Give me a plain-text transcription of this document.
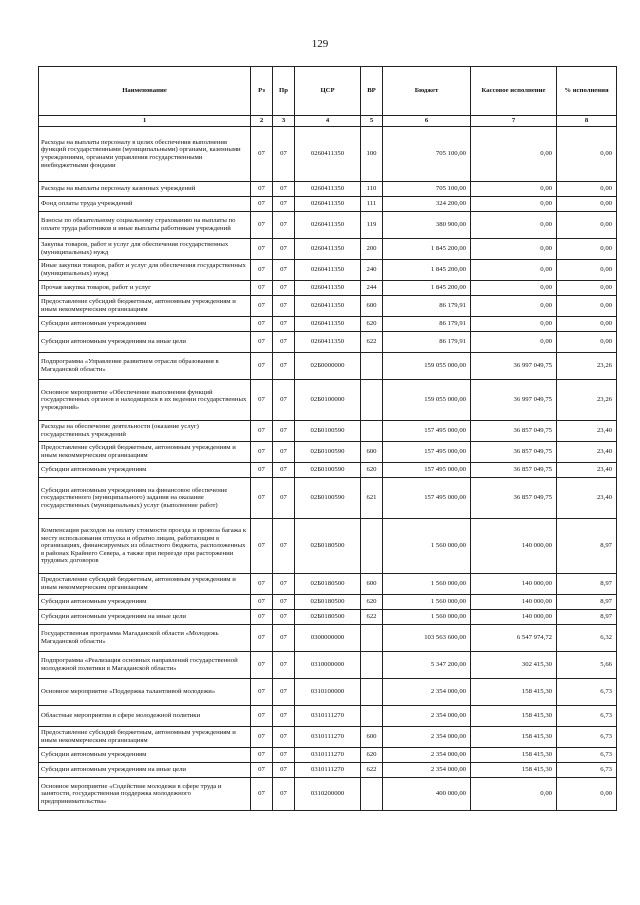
129
Наименование	Рз	Пр	ЦСР	ВР	Бюджет	Кассовое исполнение	% исполнения
1	2	3	4	5	6	7	8
Расходы на выплаты персоналу в целях обеспечения выполнения функций государственными (муниципальными) органами, казенными учреждениями, органами управления государственными внебюджетными фондами	07	07	0260411350	100	705 100,00	0,00	0,00
Расходы на выплаты персоналу казенных учреждений	07	07	0260411350	110	705 100,00	0,00	0,00
Фонд оплаты труда учреждений	07	07	0260411350	111	324 200,00	0,00	0,00
Взносы по обязательному социальному страхованию на выплаты по оплате труда работников и иные выплаты работникам учреждений	07	07	0260411350	119	380 900,00	0,00	0,00
Закупка товаров, работ и услуг для обеспечения государственных (муниципальных) нужд	07	07	0260411350	200	1 845 200,00	0,00	0,00
Иные закупки товаров, работ и услуг для обеспечения государственных (муниципальных) нужд	07	07	0260411350	240	1 845 200,00	0,00	0,00
Прочая закупка товаров, работ и услуг	07	07	0260411350	244	1 845 200,00	0,00	0,00
Предоставление субсидий бюджетным, автономным учреждениям и иным некоммерческим организациям	07	07	0260411350	600	86 179,91	0,00	0,00
Субсидии автономным учреждениям	07	07	0260411350	620	86 179,91	0,00	0,00
Субсидии автономным учреждениям на иные цели	07	07	0260411350	622	86 179,91	0,00	0,00
Подпрограмма «Управление развитием отрасли образования в Магаданской области»	07	07	02Б0000000		159 055 000,00	36 997 049,75	23,26
Основное мероприятие «Обеспечение выполнения функций государственных органов и находящихся в их ведении государственных учреждений»	07	07	02Б0100000		159 055 000,00	36 997 049,75	23,26
Расходы на обеспечение деятельности (оказание услуг) государственных учреждений	07	07	02Б0100590		157 495 000,00	36 857 049,75	23,40
Предоставление субсидий бюджетным, автономным учреждениям и иным некоммерческим организациям	07	07	02Б0100590	600	157 495 000,00	36 857 049,75	23,40
Субсидии автономным учреждениям	07	07	02Б0100590	620	157 495 000,00	36 857 049,75	23,40
Субсидии автономным учреждениям на финансовое обеспечение государственного (муниципального) задания на оказание государственных (муниципальных) услуг (выполнение работ)	07	07	02Б0100590	621	157 495 000,00	36 857 049,75	23,40
Компенсация расходов на оплату стоимости проезда и провоза багажа к месту использования отпуска и обратно лицам, работающим в организациях, финансируемых из областного бюджета, расположенных в районах Крайнего Севера, а также при переезде при расторжении трудовых договоров	07	07	02Б0180500		1 560 000,00	140 000,00	8,97
Предоставление субсидий бюджетным, автономным учреждениям и иным некоммерческим организациям	07	07	02Б0180500	600	1 560 000,00	140 000,00	8,97
Субсидии автономным учреждениям	07	07	02Б0180500	620	1 560 000,00	140 000,00	8,97
Субсидии автономным учреждениям на иные цели	07	07	02Б0180500	622	1 560 000,00	140 000,00	8,97
Государственная программа Магаданской области «Молодежь Магаданской области»	07	07	0300000000		103 563 600,00	6 547 974,72	6,32
Подпрограмма «Реализация основных направлений государственной молодежной политики в Магаданской области»	07	07	0310000000		5 347 200,00	302 415,30	5,66
Основное мероприятие «Поддержка талантливой молодежи»	07	07	0310100000		2 354 000,00	158 415,30	6,73
Областные мероприятия в сфере молодежной политики	07	07	0310111270		2 354 000,00	158 415,30	6,73
Предоставление субсидий бюджетным, автономным учреждениям и иным некоммерческим организациям	07	07	0310111270	600	2 354 000,00	158 415,30	6,73
Субсидии автономным учреждениям	07	07	0310111270	620	2 354 000,00	158 415,30	6,73
Субсидии автономным учреждениям на иные цели	07	07	0310111270	622	2 354 000,00	158 415,30	6,73
Основное мероприятие «Содействие молодежи в сфере труда и занятости, государственная поддержка молодежного предпринимательства»	07	07	0310200000		400 000,00	0,00	0,00
